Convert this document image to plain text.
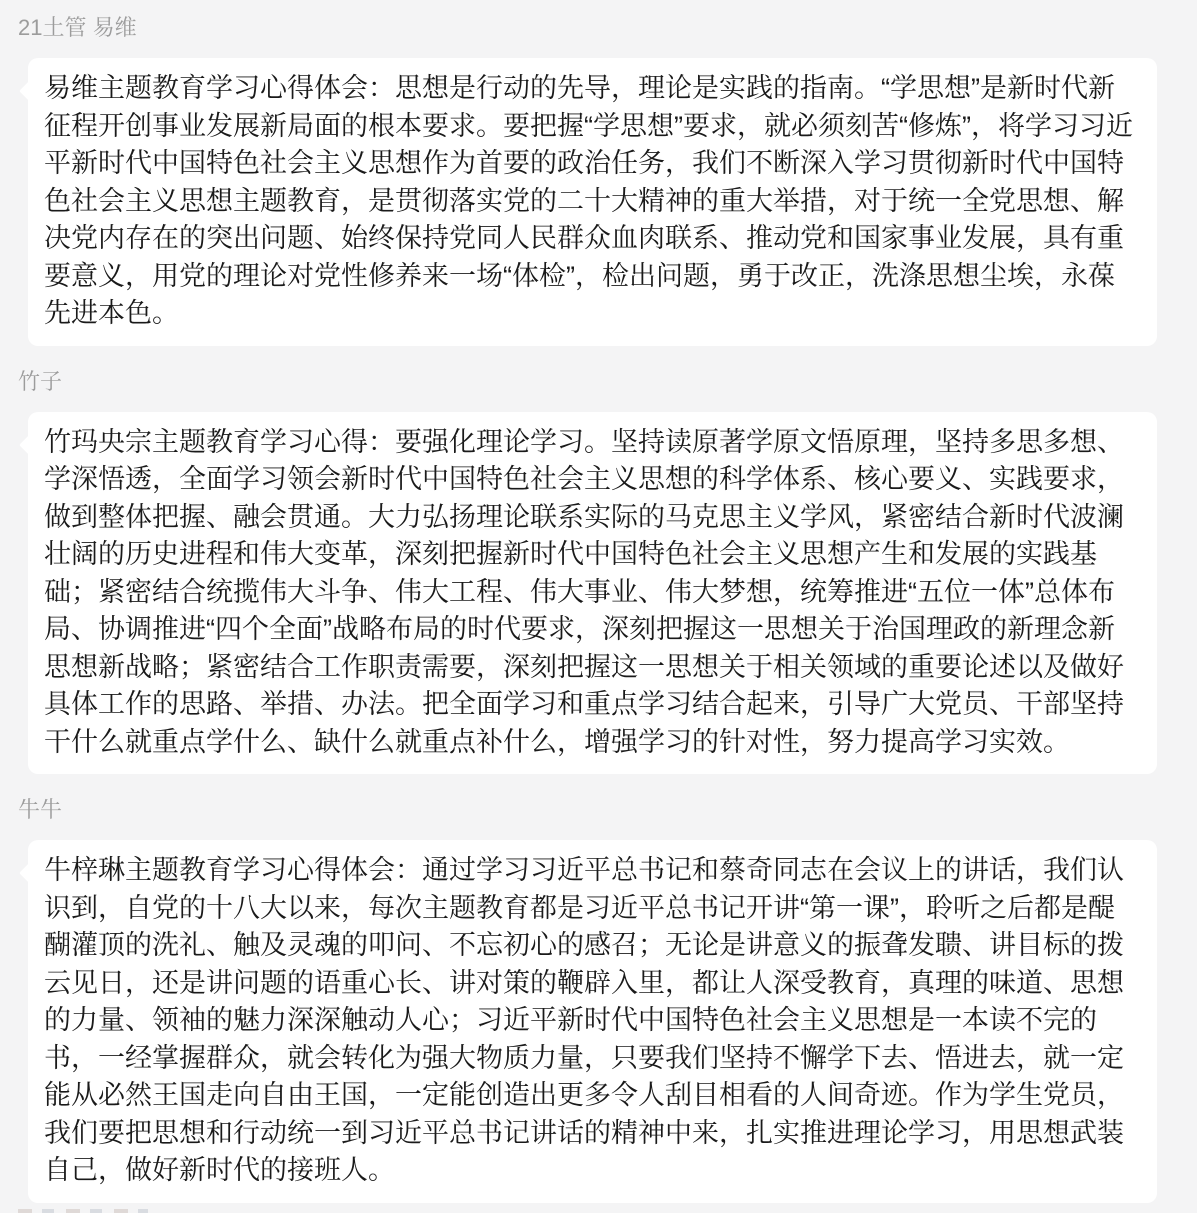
21土管 易维
易维主题教育学习心得体会：思想是行动的先导，理论是实践的指南。“学思想”是新时代新征程开创事业发展新局面的根本要求。要把握“学思想”要求，就必须刻苦“修炼”，将学习习近平新时代中国特色社会主义思想作为首要的政治任务，我们不断深入学习贯彻新时代中国特色社会主义思想主题教育，是贯彻落实党的二十大精神的重大举措，对于统一全党思想、解决党内存在的突出问题、始终保持党同人民群众血肉联系、推动党和国家事业发展，具有重要意义，用党的理论对党性修养来一场“体检”，检出问题，勇于改正，洗涤思想尘埃，永葆先进本色。
竹子
竹玛央宗主题教育学习心得：要强化理论学习。坚持读原著学原文悟原理，坚持多思多想、学深悟透，全面学习领会新时代中国特色社会主义思想的科学体系、核心要义、实践要求，做到整体把握、融会贯通。大力弘扬理论联系实际的马克思主义学风，紧密结合新时代波澜壮阔的历史进程和伟大变革，深刻把握新时代中国特色社会主义思想产生和发展的实践基础；紧密结合统揽伟大斗争、伟大工程、伟大事业、伟大梦想，统筹推进“五位一体”总体布局、协调推进“四个全面”战略布局的时代要求，深刻把握这一思想关于治国理政的新理念新思想新战略；紧密结合工作职责需要，深刻把握这一思想关于相关领域的重要论述以及做好具体工作的思路、举措、办法。把全面学习和重点学习结合起来，引导广大党员、干部坚持干什么就重点学什么、缺什么就重点补什么，增强学习的针对性，努力提高学习实效。
牛牛
牛梓琳主题教育学习心得体会：通过学习习近平总书记和蔡奇同志在会议上的讲话，我们认识到，自党的十八大以来，每次主题教育都是习近平总书记开讲“第一课”，聆听之后都是醍醐灌顶的洗礼、触及灵魂的叩问、不忘初心的感召；无论是讲意义的振聋发聩、讲目标的拨云见日，还是讲问题的语重心长、讲对策的鞭辟入里，都让人深受教育，真理的味道、思想的力量、领袖的魅力深深触动人心；习近平新时代中国特色社会主义思想是一本读不完的书，一经掌握群众，就会转化为强大物质力量，只要我们坚持不懈学下去、悟进去，就一定能从必然王国走向自由王国，一定能创造出更多令人刮目相看的人间奇迹。作为学生党员，我们要把思想和行动统一到习近平总书记讲话的精神中来，扎实推进理论学习，用思想武装自己，做好新时代的接班人。
